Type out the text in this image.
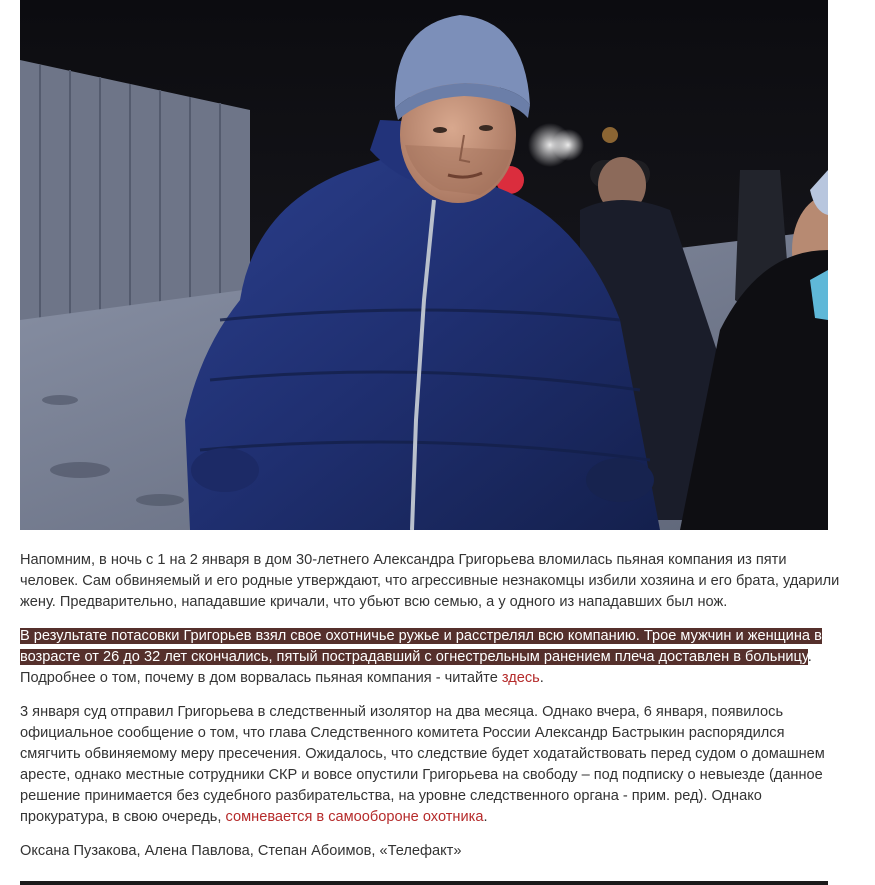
Напомним, в ночь с 1 на 2 января в дом 30-летнего Александра Григорьева вломилась пьяная компания из пяти человек. Сам обвиняемый и его родные утверждают, что агрессивные незнакомцы избили хозяина и его брата, ударили жену. Предварительно, нападавшие кричали, что убьют всю семью, а у одного из нападавших был нож.

В результате потасовки Григорьев взял свое охотничье ружье и расстрелял всю компанию. Трое мужчин и женщина в возрасте от 26 до 32 лет скончались, пятый пострадавший с огнестрельным ранением плеча доставлен в больницу. Подробнее о том, почему в дом ворвалась пьяная компания - читайте здесь.

3 января суд отправил Григорьева в следственный изолятор на два месяца. Однако вчера, 6 января, появилось официальное сообщение о том, что глава Следственного комитета России Александр Бастрыкин распорядился смягчить обвиняемому меру пресечения. Ожидалось, что следствие будет ходатайствовать перед судом о домашнем аресте, однако местные сотрудники СКР и вовсе опустили Григорьева на свободу – под подписку о невыезде (данное решение принимается без судебного разбирательства, на уровне следственного органа - прим. ред). Однако прокуратура, в свою очередь, сомневается в самообороне охотника.

Оксана Пузакова, Алена Павлова, Степан Абоимов, «Телефакт»
